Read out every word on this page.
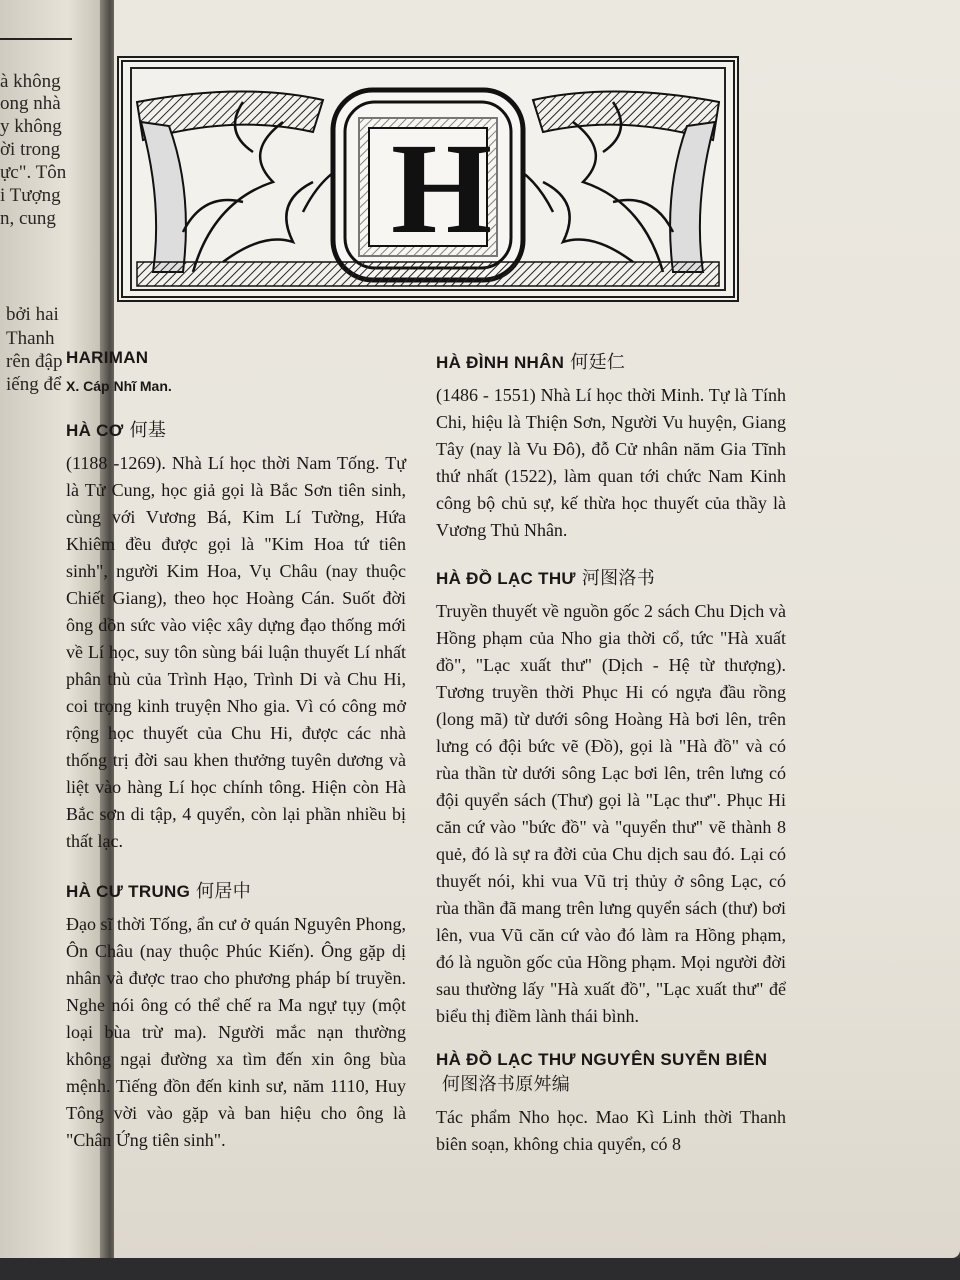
à không
ong nhà
y không
ời trong
ực". Tôn
i Tượng
n, cung
bởi hai
Thanh
rên đập
iếng để
H

HARIMAN

X. Cáp Nhĩ Man.

HÀ CƠ 何基

(1188 -1269). Nhà Lí học thời Nam Tống. Tự là Tử Cung, học giả gọi là Bắc Sơn tiên sinh, cùng với Vương Bá, Kim Lí Tường, Hứa Khiêm đều được gọi là "Kim Hoa tứ tiên sinh", người Kim Hoa, Vụ Châu (nay thuộc Chiết Giang), theo học Hoàng Cán. Suốt đời ông dồn sức vào việc xây dựng đạo thống mới về Lí học, suy tôn sùng bái luận thuyết Lí nhất phân thù của Trình Hạo, Trình Di và Chu Hi, coi trọng kinh truyện Nho gia. Vì có công mở rộng học thuyết của Chu Hi, được các nhà thống trị đời sau khen thưởng tuyên dương và liệt vào hàng Lí học chính tông. Hiện còn Hà Bắc sơn di tập, 4 quyển, còn lại phần nhiều bị thất lạc.

HÀ CƯ TRUNG 何居中

Đạo sĩ thời Tống, ẩn cư ở quán Nguyên Phong, Ôn Châu (nay thuộc Phúc Kiến). Ông gặp dị nhân và được trao cho phương pháp bí truyền. Nghe nói ông có thể chế ra Ma ngự tụy (một loại bùa trừ ma). Người mắc nạn thường không ngại đường xa tìm đến xin ông bùa mệnh. Tiếng đồn đến kinh sư, năm 1110, Huy Tông vời vào gặp và ban hiệu cho ông là "Chân Ứng tiên sinh".

HÀ ĐÌNH NHÂN 何廷仁

(1486 - 1551) Nhà Lí học thời Minh. Tự là Tính Chi, hiệu là Thiện Sơn, Người Vu huyện, Giang Tây (nay là Vu Đô), đỗ Cử nhân năm Gia Tĩnh thứ nhất (1522), làm quan tới chức Nam Kinh công bộ chủ sự, kế thừa học thuyết của thầy là Vương Thủ Nhân.

HÀ ĐỒ LẠC THƯ 河图洛书

Truyền thuyết về nguồn gốc 2 sách Chu Dịch và Hồng phạm của Nho gia thời cổ, tức "Hà xuất đồ", "Lạc xuất thư" (Dịch - Hệ từ thượng). Tương truyền thời Phục Hi có ngựa đầu rồng (long mã) từ dưới sông Hoàng Hà bơi lên, trên lưng có đội bức vẽ (Đồ), gọi là "Hà đồ" và có rùa thần từ dưới sông Lạc bơi lên, trên lưng có đội quyển sách (Thư) gọi là "Lạc thư". Phục Hi căn cứ vào "bức đồ" và "quyển thư" vẽ thành 8 quẻ, đó là sự ra đời của Chu dịch sau đó. Lại có thuyết nói, khi vua Vũ trị thủy ở sông Lạc, có rùa thần đã mang trên lưng quyển sách (thư) bơi lên, vua Vũ căn cứ vào đó làm ra Hồng phạm, đó là nguồn gốc của Hồng phạm. Mọi người đời sau thường lấy "Hà xuất đồ", "Lạc xuất thư" để biểu thị điềm lành thái bình.

HÀ ĐỒ LẠC THƯ NGUYÊN SUYỄN BIÊN何图洛书原舛编

Tác phẩm Nho học. Mao Kì Linh thời Thanh biên soạn, không chia quyển, có 8
